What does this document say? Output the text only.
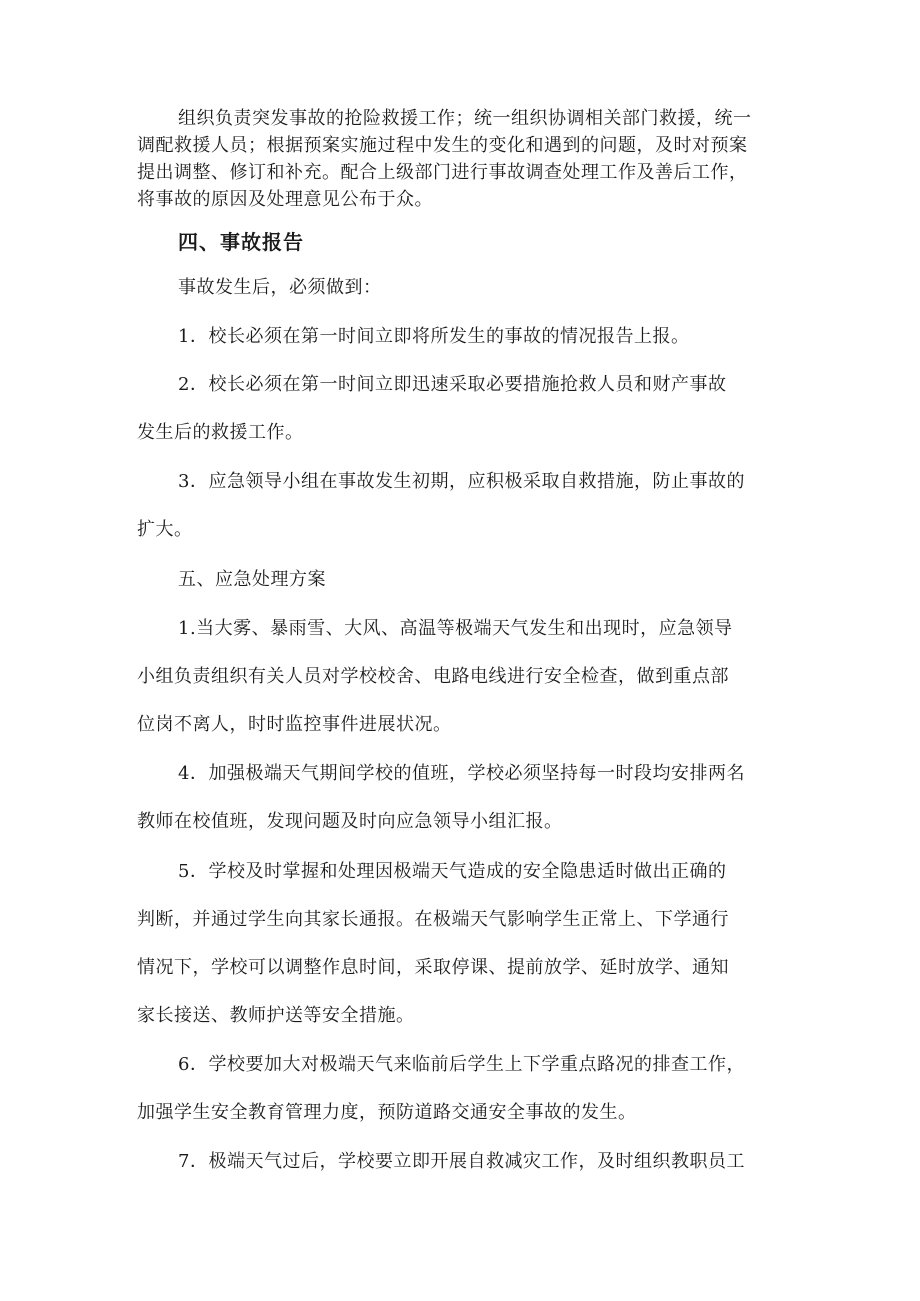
组织负责突发事故的抢险救援工作；统一组织协调相关部门救援，统一
调配救援人员；根据预案实施过程中发生的变化和遇到的问题，及时对预案
提出调整、修订和补充。配合上级部门进行事故调查处理工作及善后工作，
将事故的原因及处理意见公布于众。
四、事故报告
事故发生后，必须做到：
1．校长必须在第一时间立即将所发生的事故的情况报告上报。
2．校长必须在第一时间立即迅速采取必要措施抢救人员和财产事故
发生后的救援工作。
3．应急领导小组在事故发生初期，应积极采取自救措施，防止事故的
扩大。
五、应急处理方案
1.当大雾、暴雨雪、大风、高温等极端天气发生和出现时，应急领导
小组负责组织有关人员对学校校舍、电路电线进行安全检查，做到重点部
位岗不离人，时时监控事件进展状况。
4．加强极端天气期间学校的值班，学校必须坚持每一时段均安排两名
教师在校值班，发现问题及时向应急领导小组汇报。
5．学校及时掌握和处理因极端天气造成的安全隐患适时做出正确的
判断，并通过学生向其家长通报。在极端天气影响学生正常上、下学通行
情况下，学校可以调整作息时间，采取停课、提前放学、延时放学、通知
家长接送、教师护送等安全措施。
6．学校要加大对极端天气来临前后学生上下学重点路况的排查工作，
加强学生安全教育管理力度，预防道路交通安全事故的发生。
7．极端天气过后，学校要立即开展自救减灾工作，及时组织教职员工
